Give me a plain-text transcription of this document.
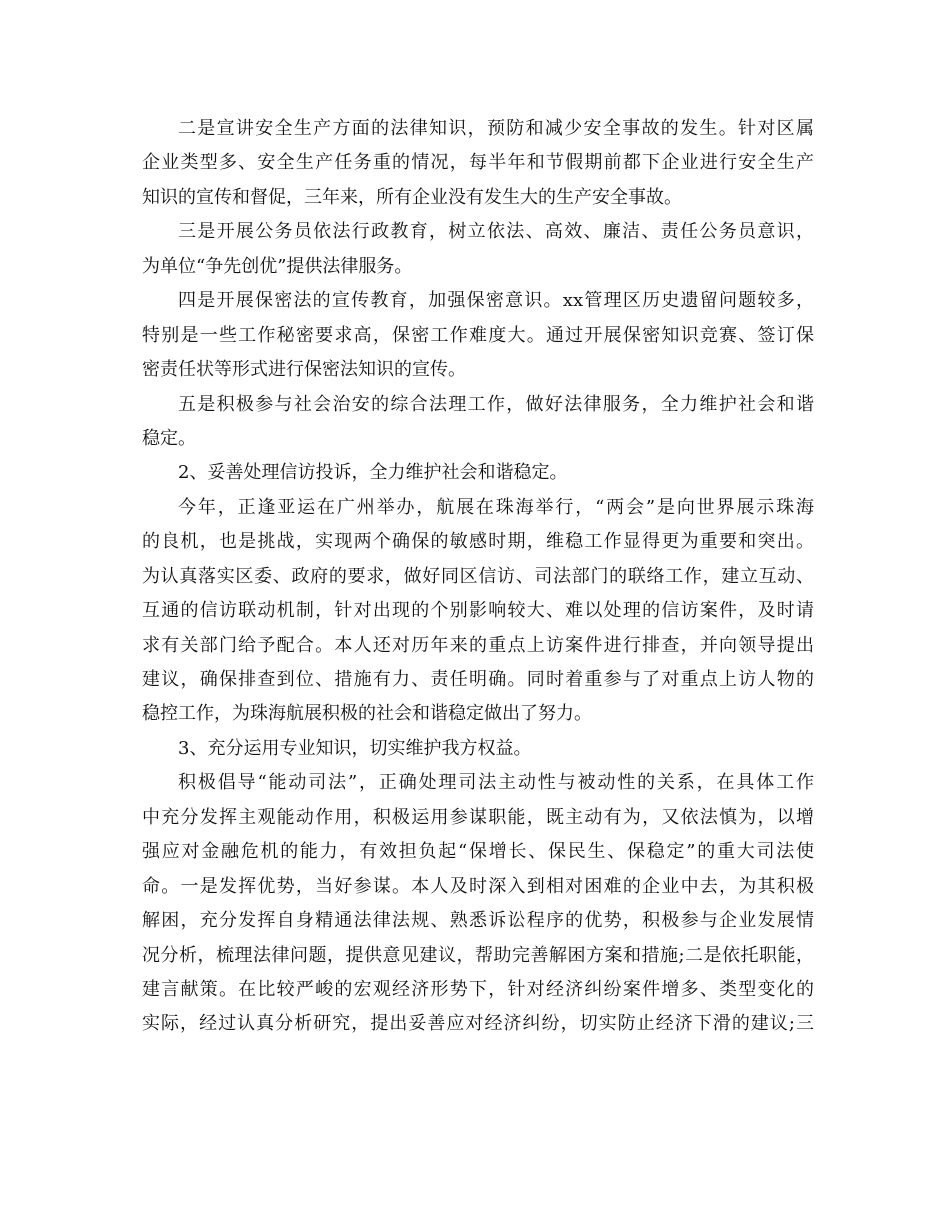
二是宣讲安全生产方面的法律知识，预防和减少安全事故的发生。针对区属
企业类型多、安全生产任务重的情况，每半年和节假期前都下企业进行安全生产
知识的宣传和督促，三年来，所有企业没有发生大的生产安全事故。
三是开展公务员依法行政教育，树立依法、高效、廉洁、责任公务员意识，
为单位“争先创优”提供法律服务。
四是开展保密法的宣传教育，加强保密意识。xx管理区历史遗留问题较多，
特别是一些工作秘密要求高，保密工作难度大。通过开展保密知识竞赛、签订保
密责任状等形式进行保密法知识的宣传。
五是积极参与社会治安的综合法理工作，做好法律服务，全力维护社会和谐
稳定。
2、妥善处理信访投诉，全力维护社会和谐稳定。
今年，正逢亚运在广州举办，航展在珠海举行，“两会”是向世界展示珠海
的良机，也是挑战，实现两个确保的敏感时期，维稳工作显得更为重要和突出。
为认真落实区委、政府的要求，做好同区信访、司法部门的联络工作，建立互动、
互通的信访联动机制，针对出现的个别影响较大、难以处理的信访案件，及时请
求有关部门给予配合。本人还对历年来的重点上访案件进行排查，并向领导提出
建议，确保排查到位、措施有力、责任明确。同时着重参与了对重点上访人物的
稳控工作，为珠海航展积极的社会和谐稳定做出了努力。
3、充分运用专业知识，切实维护我方权益。
积极倡导“能动司法”，正确处理司法主动性与被动性的关系，在具体工作
中充分发挥主观能动作用，积极运用参谋职能，既主动有为，又依法慎为，以增
强应对金融危机的能力，有效担负起“保增长、保民生、保稳定”的重大司法使
命。一是发挥优势，当好参谋。本人及时深入到相对困难的企业中去，为其积极
解困，充分发挥自身精通法律法规、熟悉诉讼程序的优势，积极参与企业发展情
况分析，梳理法律问题，提供意见建议，帮助完善解困方案和措施;二是依托职能，
建言献策。在比较严峻的宏观经济形势下，针对经济纠纷案件增多、类型变化的
实际，经过认真分析研究，提出妥善应对经济纠纷，切实防止经济下滑的建议;三
